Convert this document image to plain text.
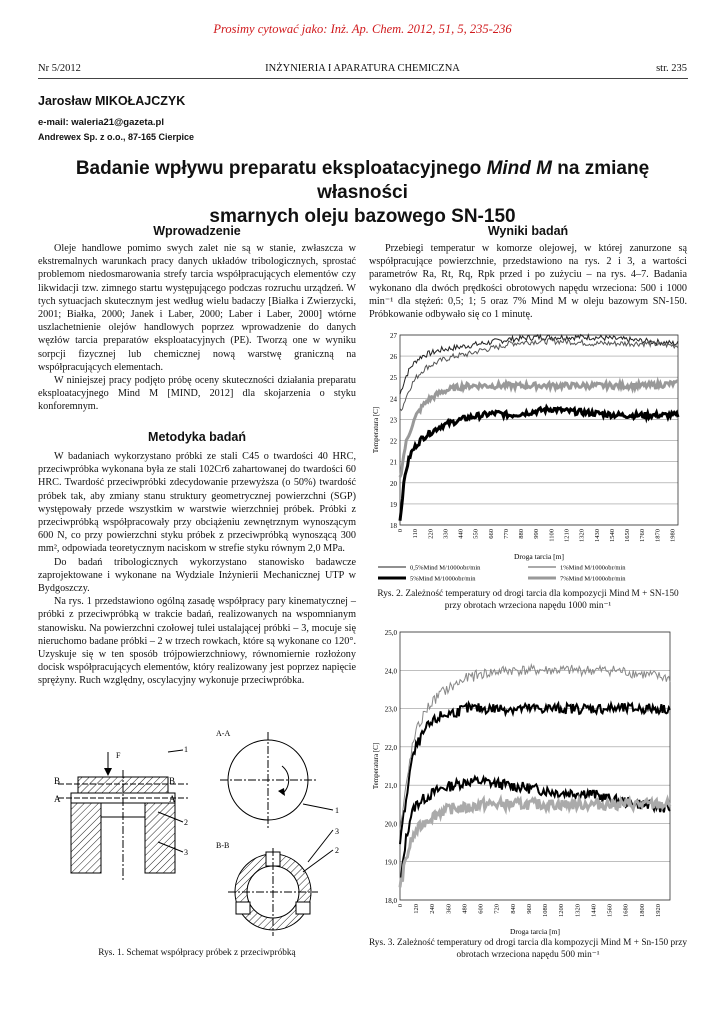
Prosimy cytować jako: Inż. Ap. Chem. 2012, 51, 5, 235-236
Nr 5/2012	INŻYNIERIA I APARATURA CHEMICZNA	str. 235
Jarosław MIKOŁAJCZYK
e-mail: waleria21@gazeta.pl
Andrewex Sp. z o.o., 87-165 Cierpice
Badanie wpływu preparatu eksploatacyjnego Mind M na zmianę własności
smarnych oleju bazowego SN-150
Wprowadzenie

Oleje handlowe pomimo swych zalet nie są w stanie, zwłaszcza w ekstremalnych warunkach pracy danych układów tribologicznych, sprostać problemom niedosmarowania strefy tarcia współpracujących elementów czy likwidacji tzw. zimnego startu występującego podczas rozruchu urządzeń. W tych sytuacjach skutecznym jest według wielu badaczy [Białka i Zwierzycki, 2001; Białka, 2000; Janek i Laber, 2000; Laber i Laber, 2000] wtórne uszlachetnienie olejów handlowych poprzez wprowadzenie do danych węzłów tarcia preparatów eksploatacyjnych (PE). Tworzą one w wyniku sorpcji fizycznej lub chemicznej nową warstwę graniczną na współpracujących elementach.

W niniejszej pracy podjęto próbę oceny skuteczności działania preparatu eksploatacyjnego Mind M [MIND, 2012] dla skojarzenia o styku konforemnym.

Metodyka badań

W badaniach wykorzystano próbki ze stali C45 o twardości 40 HRC, przeciwpróbka wykonana była ze stali 102Cr6 zahartowanej do twardości 60 HRC. Twardość przeciwpróbki zdecydowanie przewyższa (o 50%) twardość próbek tak, aby zmiany stanu struktury geometrycznej powierzchni (SGP) występowały przede wszystkim w warstwie wierzchniej próbek. Próbki z przeciwpróbką współpracowały przy obciążeniu zewnętrznym wynoszącym 600 N, co przy powierzchni styku próbek z przeciwpróbką wynoszącą 300 mm², odpowiada teoretycznym naciskom w strefie styku równym 2,0 MPa.

Do badań tribologicznych wykorzystano stanowisko badawcze zaprojektowane i wykonane na Wydziale Inżynierii Mechanicznej UTP w Bydgoszczy.

Na rys. 1 przedstawiono ogólną zasadę współpracy pary kinematycznej – próbki z przeciwpróbką w trakcie badań, realizowanych na wspomnianym stanowisku. Na powierzchni czołowej tulei ustalającej próbki – 3, mocuje się nieruchomo badane próbki – 2 w trzech rowkach, które są wykonane co 120°. Uzyskuje się w ten sposób trójpowierzchniowy, równomiernie rozłożony docisk współpracujących elementów, który realizowany jest poprzez napięcie sprężyny. Ruch względny, oscylacyjny wykonuje przeciwpróbka.

F
B
A
B
A
1
2
3
A-A
1
B-B
3
2
Rys. 1. Schemat współpracy próbek z przeciwpróbką
Wyniki badań

Przebiegi temperatur w komorze olejowej, w której zanurzone są współpracujące powierzchnie, przedstawiono na rys. 2 i 3, a wartości parametrów Ra, Rt, Rq, Rpk przed i po zużyciu – na rys. 4–7. Badania wykonano dla dwóch prędkości obrotowych napędu wrzeciona: 500 i 1000 min⁻¹ dla stężeń: 0,5; 1; 5 oraz 7% Mind M w oleju bazowym SN-150. Próbkowanie odbywało się co 1 minutę.

18
19
20
21
22
23
24
25
26
27
0 110 220 330 440 550 660 770 880 990 1100 1210 1320 1430 1540 1650 1760 1870 1980
Temperatura [C]
Droga tarcia [m]
0,5%Mind M/1000obr/min	1%Mind M/1000obr/min
5%Mind M/1000obr/min	7%Mind M/1000obr/min
Rys. 2. Zależność temperatury od drogi tarcia dla kompozycji Mind M + SN-150 przy obrotach wrzeciona napędu 1000 min⁻¹
18,0
19,0
20,0
21,0
22,0
23,0
24,0
25,0
0 120 240 360 480 600 720 840 960 1080 1200 1320 1440 1560 1680 1800 1920
Temperatura [C]
Droga tarcia [m]
Rys. 3. Zależność temperatury od drogi tarcia dla kompozycji Mind M + Sn-150 przy obrotach wrzeciona napędu 500 min⁻¹
